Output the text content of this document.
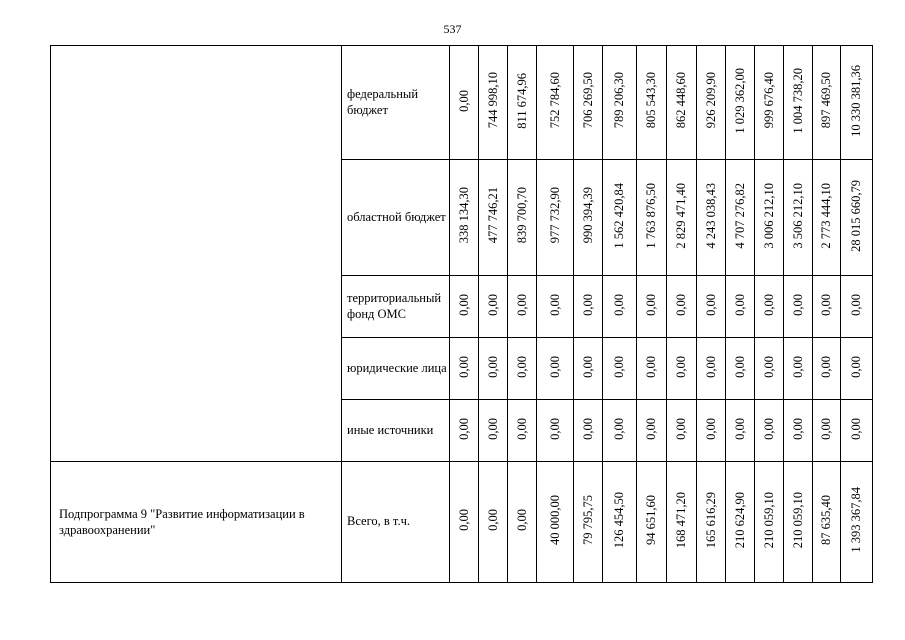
537
	федеральный бюджет	0,00	744 998,10	811 674,96	752 784,60	706 269,50	789 206,30	805 543,30	862 448,60	926 209,90	1 029 362,00	999 676,40	1 004 738,20	897 469,50	10 330 381,36
	областной бюджет	338 134,30	477 746,21	839 700,70	977 732,90	990 394,39	1 562 420,84	1 763 876,50	2 829 471,40	4 243 038,43	4 707 276,82	3 006 212,10	3 506 212,10	2 773 444,10	28 015 660,79
	территориальный фонд ОМС	0,00	0,00	0,00	0,00	0,00	0,00	0,00	0,00	0,00	0,00	0,00	0,00	0,00	0,00
	юридические лица	0,00	0,00	0,00	0,00	0,00	0,00	0,00	0,00	0,00	0,00	0,00	0,00	0,00	0,00
	иные источники	0,00	0,00	0,00	0,00	0,00	0,00	0,00	0,00	0,00	0,00	0,00	0,00	0,00	0,00
Подпрограмма 9 "Развитие информатизации в здравоохранении"	Всего, в т.ч.	0,00	0,00	0,00	40 000,00	79 795,75	126 454,50	94 651,60	168 471,20	165 616,29	210 624,90	210 059,10	210 059,10	87 635,40	1 393 367,84
